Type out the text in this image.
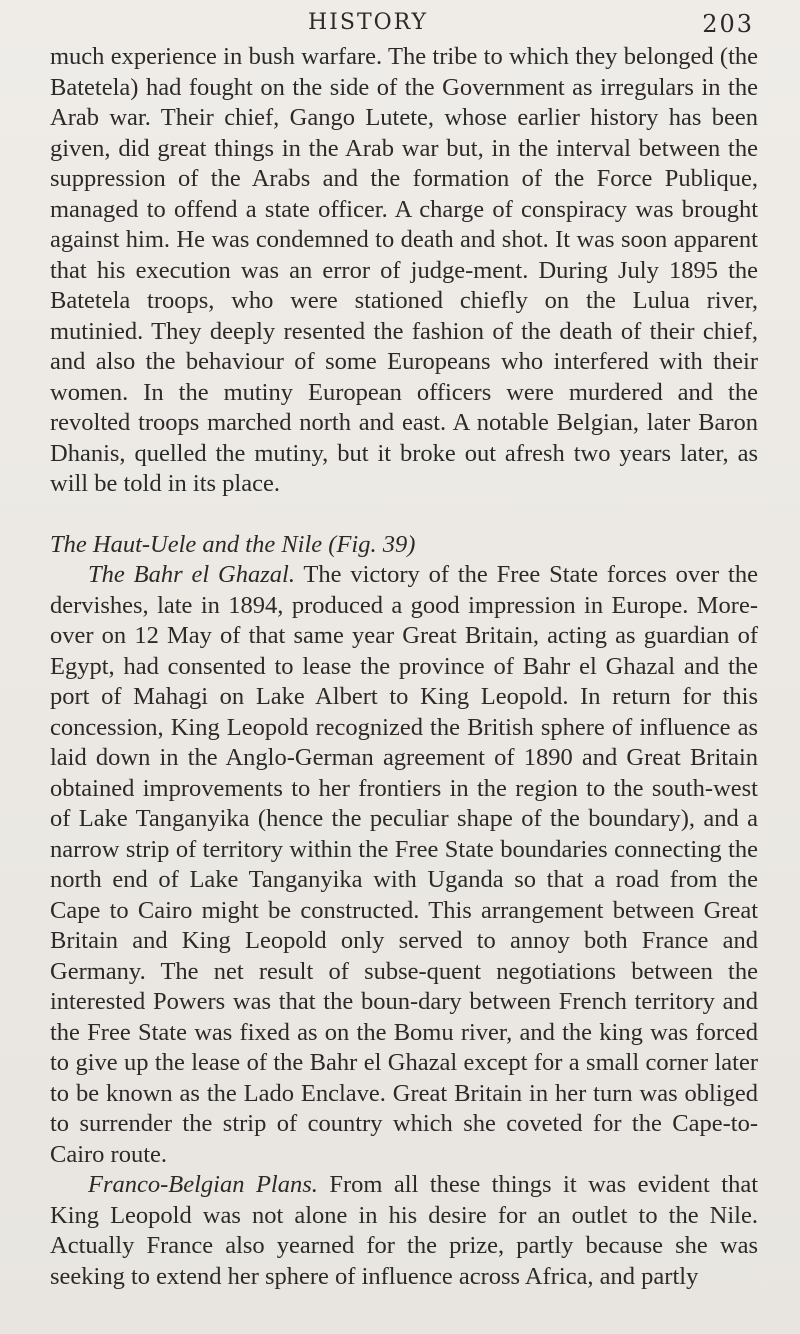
HISTORY	203

much experience in bush warfare. The tribe to which they belonged (the Batetela) had fought on the side of the Government as irregulars in the Arab war. Their chief, Gango Lutete, whose earlier history has been given, did great things in the Arab war but, in the interval between the suppression of the Arabs and the formation of the Force Publique, managed to offend a state officer. A charge of conspiracy was brought against him. He was condemned to death and shot. It was soon apparent that his execution was an error of judge-ment. During July 1895 the Batetela troops, who were stationed chiefly on the Lulua river, mutinied. They deeply resented the fashion of the death of their chief, and also the behaviour of some Europeans who interfered with their women. In the mutiny European officers were murdered and the revolted troops marched north and east. A notable Belgian, later Baron Dhanis, quelled the mutiny, but it broke out afresh two years later, as will be told in its place.

The Haut-Uele and the Nile (Fig. 39)

The Bahr el Ghazal. The victory of the Free State forces over the dervishes, late in 1894, produced a good impression in Europe. More-over on 12 May of that same year Great Britain, acting as guardian of Egypt, had consented to lease the province of Bahr el Ghazal and the port of Mahagi on Lake Albert to King Leopold. In return for this concession, King Leopold recognized the British sphere of influence as laid down in the Anglo-German agreement of 1890 and Great Britain obtained improvements to her frontiers in the region to the south-west of Lake Tanganyika (hence the peculiar shape of the boundary), and a narrow strip of territory within the Free State boundaries connecting the north end of Lake Tanganyika with Uganda so that a road from the Cape to Cairo might be constructed. This arrangement between Great Britain and King Leopold only served to annoy both France and Germany. The net result of subse-quent negotiations between the interested Powers was that the boun-dary between French territory and the Free State was fixed as on the Bomu river, and the king was forced to give up the lease of the Bahr el Ghazal except for a small corner later to be known as the Lado Enclave. Great Britain in her turn was obliged to surrender the strip of country which she coveted for the Cape-to-Cairo route.

Franco-Belgian Plans. From all these things it was evident that King Leopold was not alone in his desire for an outlet to the Nile. Actually France also yearned for the prize, partly because she was seeking to extend her sphere of influence across Africa, and partly
